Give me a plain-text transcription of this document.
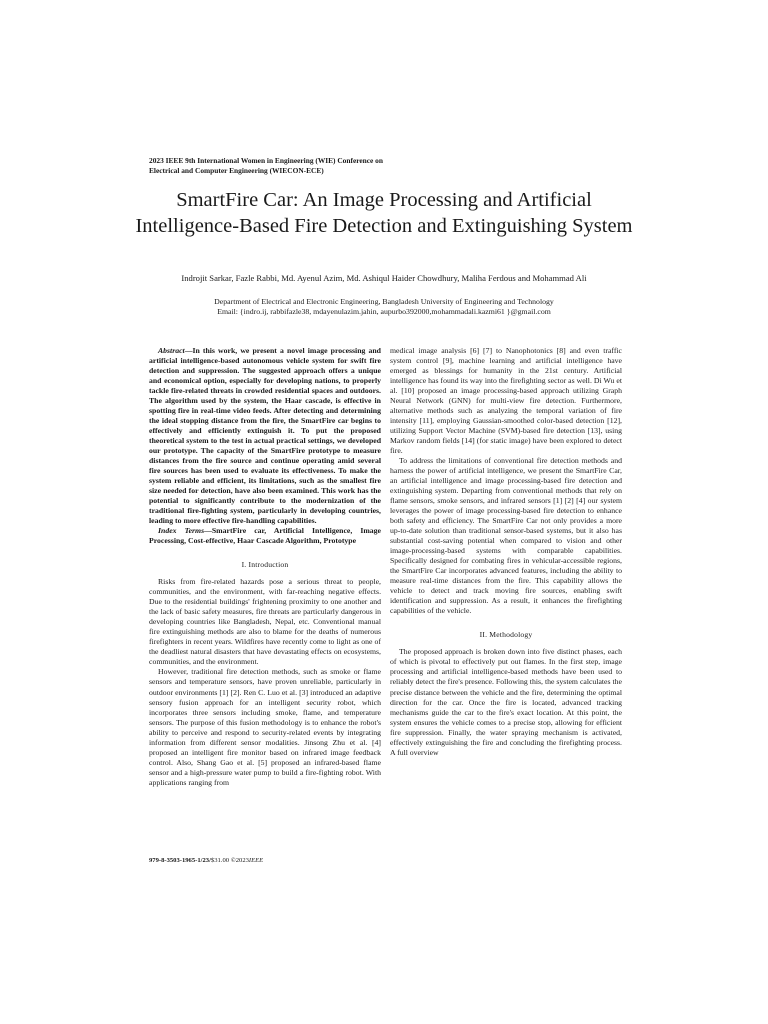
2023 IEEE 9th International Women in Engineering (WIE) Conference on
Electrical and Computer Engineering (WIECON-ECE)
SmartFire Car: An Image Processing and Artificial Intelligence-Based Fire Detection and Extinguishing System
Indrojit Sarkar, Fazle Rabbi, Md. Ayenul Azim, Md. Ashiqul Haider Chowdhury, Maliha Ferdous and Mohammad Ali
Department of Electrical and Electronic Engineering, Bangladesh University of Engineering and Technology
Email: {indro.ij, rabbifazle38, mdayenulazim.jahin, aupurbo392000,mohammadali.kazmi61 }@gmail.com

Abstract—In this work, we present a novel image processing and artificial intelligence-based autonomous vehicle system for swift fire detection and suppression. The suggested approach offers a unique and economical option, especially for developing nations, to properly tackle fire-related threats in crowded residential spaces and outdoors. The algorithm used by the system, the Haar cascade, is effective in spotting fire in real-time video feeds. After detecting and determining the ideal stopping distance from the fire, the SmartFire car begins to effectively and efficiently extinguish it. To put the proposed theoretical system to the test in actual practical settings, we developed our prototype. The capacity of the SmartFire prototype to measure distances from the fire source and continue operating amid several fire sources has been used to evaluate its effectiveness. To make the system reliable and efficient, its limitations, such as the smallest fire size needed for detection, have also been examined. This work has the potential to significantly contribute to the modernization of the traditional fire-fighting system, particularly in developing countries, leading to more effective fire-handling capabilities.

Index Terms—SmartFire car, Artificial Intelligence, Image Processing, Cost-effective, Haar Cascade Algorithm, Prototype

I. Introduction

Risks from fire-related hazards pose a serious threat to people, communities, and the environment, with far-reaching negative effects. Due to the residential buildings' frightening proximity to one another and the lack of basic safety measures, fire threats are particularly dangerous in developing countries like Bangladesh, Nepal, etc. Conventional manual fire extinguishing methods are also to blame for the deaths of numerous firefighters in recent years. Wildfires have recently come to light as one of the deadliest natural disasters that have devastating effects on ecosystems, communities, and the environment.

However, traditional fire detection methods, such as smoke or flame sensors and temperature sensors, have proven unreliable, particularly in outdoor environments [1] [2]. Ren C. Luo et al. [3] introduced an adaptive sensory fusion approach for an intelligent security robot, which incorporates three sensors including smoke, flame, and temperature sensors. The purpose of this fusion methodology is to enhance the robot's ability to perceive and respond to security-related events by integrating information from different sensor modalities. Jinsong Zhu et al. [4] proposed an intelligent fire monitor based on infrared image feedback control. Also, Shang Gao et al. [5] proposed an infrared-based flame sensor and a high-pressure water pump to build a fire-fighting robot. With applications ranging from

medical image analysis [6] [7] to Nanophotonics [8] and even traffic system control [9], machine learning and artificial intelligence have emerged as blessings for humanity in the 21st century. Artificial intelligence has found its way into the firefighting sector as well. Di Wu et al. [10] proposed an image processing-based approach utilizing Graph Neural Network (GNN) for multi-view fire detection. Furthermore, alternative methods such as analyzing the temporal variation of fire intensity [11], employing Gaussian-smoothed color-based detection [12], utilizing Support Vector Machine (SVM)-based fire detection [13], using Markov random fields [14] (for static image) have been explored to detect fire.

To address the limitations of conventional fire detection methods and harness the power of artificial intelligence, we present the SmartFire Car, an artificial intelligence and image processing-based fire detection and extinguishing system. Departing from conventional methods that rely on flame sensors, smoke sensors, and infrared sensors [1] [2] [4] our system leverages the power of image processing-based fire detection to enhance both safety and efficiency. The SmartFire Car not only provides a more up-to-date solution than traditional sensor-based systems, but it also has substantial cost-saving potential when compared to vision and other image-processing-based systems with comparable capabilities. Specifically designed for combating fires in vehicular-accessible regions, the SmartFire Car incorporates advanced features, including the ability to measure real-time distances from the fire. This capability allows the vehicle to detect and track moving fire sources, enabling swift identification and suppression. As a result, it enhances the firefighting capabilities of the vehicle.

II. Methodology

The proposed approach is broken down into five distinct phases, each of which is pivotal to effectively put out flames. In the first step, image processing and artificial intelligence-based methods have been used to reliably detect the fire's presence. Following this, the system calculates the precise distance between the vehicle and the fire, determining the optimal direction for the car. Once the fire is located, advanced tracking mechanisms guide the car to the fire's exact location. At this point, the system ensures the vehicle comes to a precise stop, allowing for efficient fire suppression. Finally, the water spraying mechanism is activated, effectively extinguishing the fire and concluding the firefighting process. A full overview

979-8-3503-1965-1/23/$31.00 ©2023IEEE
